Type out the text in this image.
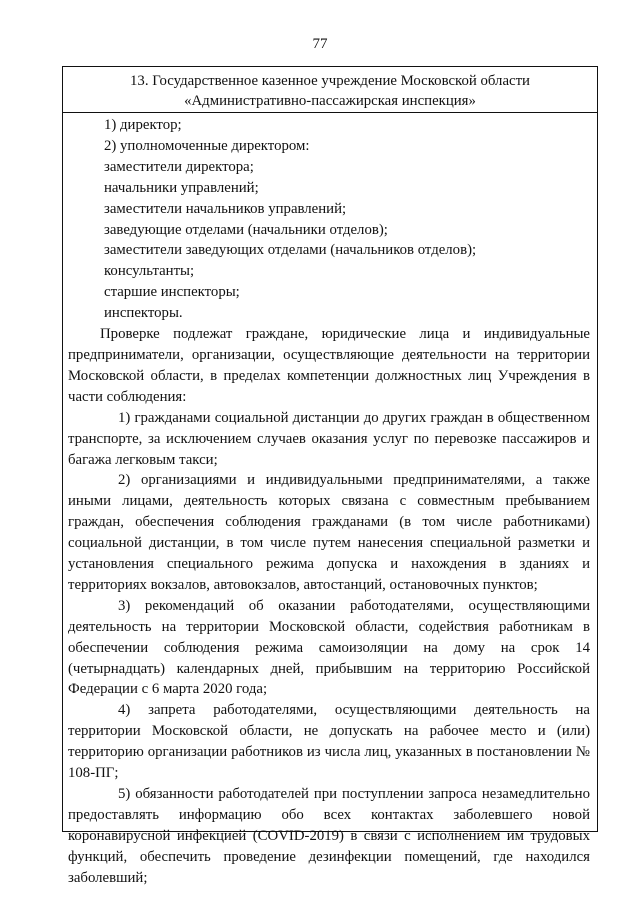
77
13. Государственное казенное учреждение Московской области
«Административно-пассажирская инспекция»
1) директор;
2) уполномоченные директором:
заместители директора;
начальники управлений;
заместители начальников управлений;
заведующие отделами (начальники отделов);
заместители заведующих отделами (начальников отделов);
консультанты;
старшие инспекторы;
инспекторы.
Проверке подлежат граждане, юридические лица и индивидуальные предприниматели, организации, осуществляющие деятельности на территории Московской области, в пределах компетенции должностных лиц Учреждения в части соблюдения:
1) гражданами социальной дистанции до других граждан в общественном транспорте, за исключением случаев оказания услуг по перевозке пассажиров и багажа легковым такси;
2) организациями и индивидуальными предпринимателями, а также иными лицами, деятельность которых связана с совместным пребыванием граждан, обеспечения соблюдения гражданами (в том числе работниками) социальной дистанции, в том числе путем нанесения специальной разметки и установления специального режима допуска и нахождения в зданиях и территориях вокзалов, автовокзалов, автостанций, остановочных пунктов;
3) рекомендаций об оказании работодателями, осуществляющими деятельность на территории Московской области, содействия работникам в обеспечении соблюдения режима самоизоляции на дому на срок 14 (четырнадцать) календарных дней, прибывшим на территорию Российской Федерации с 6 марта 2020 года;
4) запрета работодателями, осуществляющими деятельность на территории Московской области, не допускать на рабочее место и (или) территорию организации работников из числа лиц, указанных в постановлении № 108-ПГ;
5) обязанности работодателей при поступлении запроса незамедлительно предоставлять информацию обо всех контактах заболевшего новой коронавирусной инфекцией (COVID-2019) в связи с исполнением им трудовых функций, обеспечить проведение дезинфекции помещений, где находился заболевший;
